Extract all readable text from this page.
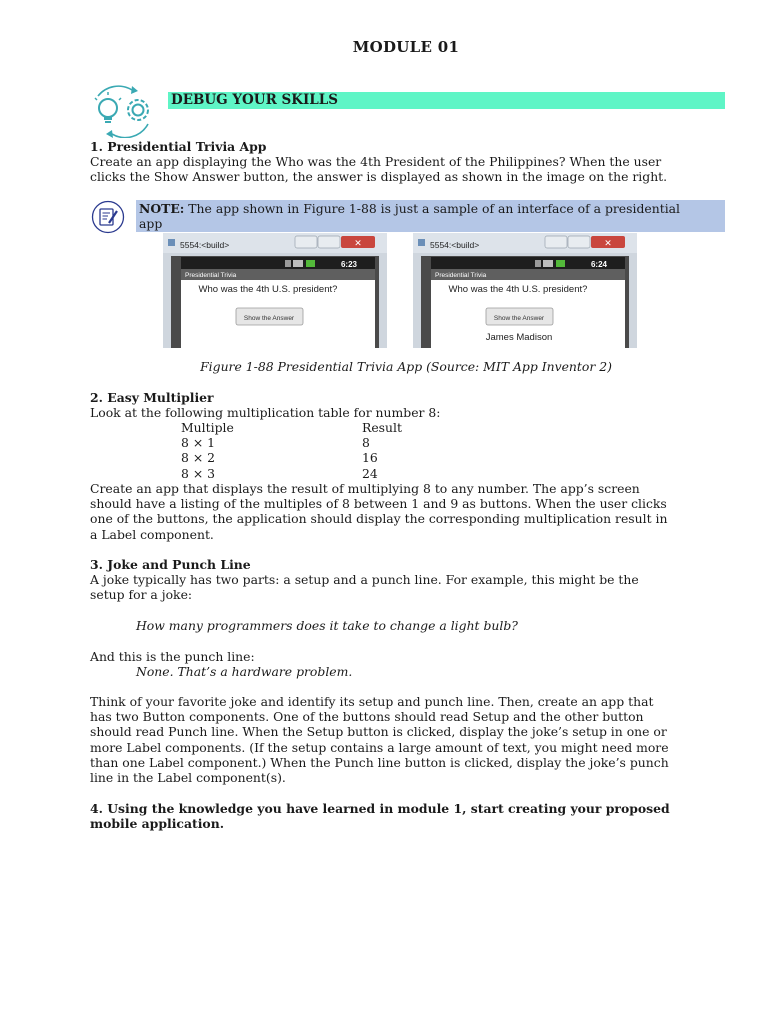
MODULE 01
DEBUG YOUR SKILLS
1. Presidential Trivia App

Create an app displaying the Who was the 4th President of the Philippines? When the user

clicks the Show Answer button, the answer is displayed as shown in the image on the right.

NOTE: The app shown in Figure 1-88 is just a sample of an interface of a presidential
app
5554:<build>	✕
6:23
Presidential Trivia
Who was the 4th U.S. president?
Show the Answer
5554:<build>	✕
6:24
Presidential Trivia
Who was the 4th U.S. president?
Show the Answer
James Madison
Figure 1-88 Presidential Trivia App (Source: MIT App Inventor 2)
2. Easy Multiplier

Look at the following multiplication table for number 8:

Multiple	Result
8 × 1	8
8 × 2	16
8 × 3	24

Create an app that displays the result of multiplying 8 to any number. The app’s screen

should have a listing of the multiples of 8 between 1 and 9 as buttons. When the user clicks

one of the buttons, the application should display the corresponding multiplication result in

a Label component.

3. Joke and Punch Line

A joke typically has two parts: a setup and a punch line. For example, this might be the

setup for a joke:

How many programmers does it take to change a light bulb?
And this is the punch line:
None. That’s a hardware problem.

Think of your favorite joke and identify its setup and punch line. Then, create an app that

has two Button components. One of the buttons should read Setup and the other button

should read Punch line. When the Setup button is clicked, display the joke’s setup in one or

more Label components. (If the setup contains a large amount of text, you might need more

than one Label component.) When the Punch line button is clicked, display the joke’s punch

line in the Label component(s).

4. Using the knowledge you have learned in module 1, start creating your proposed

mobile application.
